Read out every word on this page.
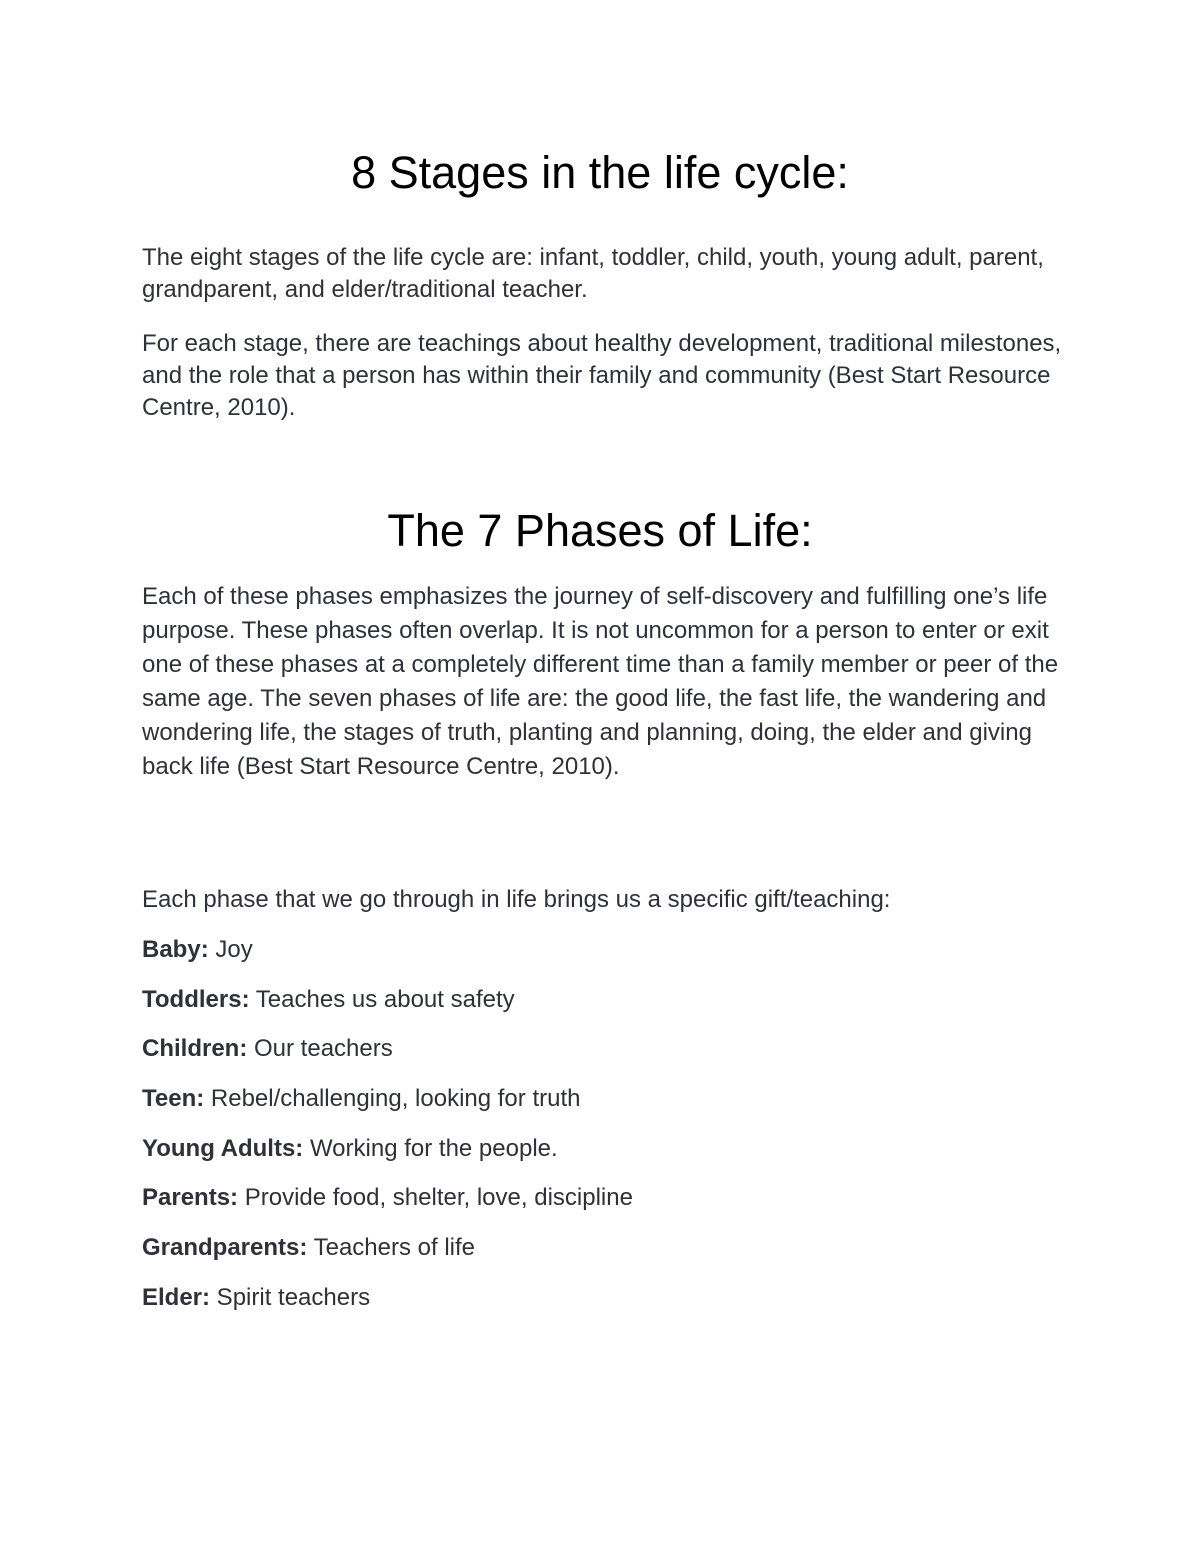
8 Stages in the life cycle:

The eight stages of the life cycle are: infant, toddler, child, youth, young adult, parent, grandparent, and elder/traditional teacher.

For each stage, there are teachings about healthy development, traditional milestones, and the role that a person has within their family and community (Best Start Resource Centre, 2010).

The 7 Phases of Life:

Each of these phases emphasizes the journey of self-discovery and fulfilling one’s life purpose. These phases often overlap. It is not uncommon for a person to enter or exit one of these phases at a completely different time than a family member or peer of the same age. The seven phases of life are: the good life, the fast life, the wandering and wondering life, the stages of truth, planting and planning, doing, the elder and giving back life (Best Start Resource Centre, 2010).

Each phase that we go through in life brings us a specific gift/teaching:

Baby: Joy
Toddlers: Teaches us about safety
Children: Our teachers
Teen: Rebel/challenging, looking for truth
Young Adults: Working for the people.
Parents: Provide food, shelter, love, discipline
Grandparents: Teachers of life
Elder: Spirit teachers
